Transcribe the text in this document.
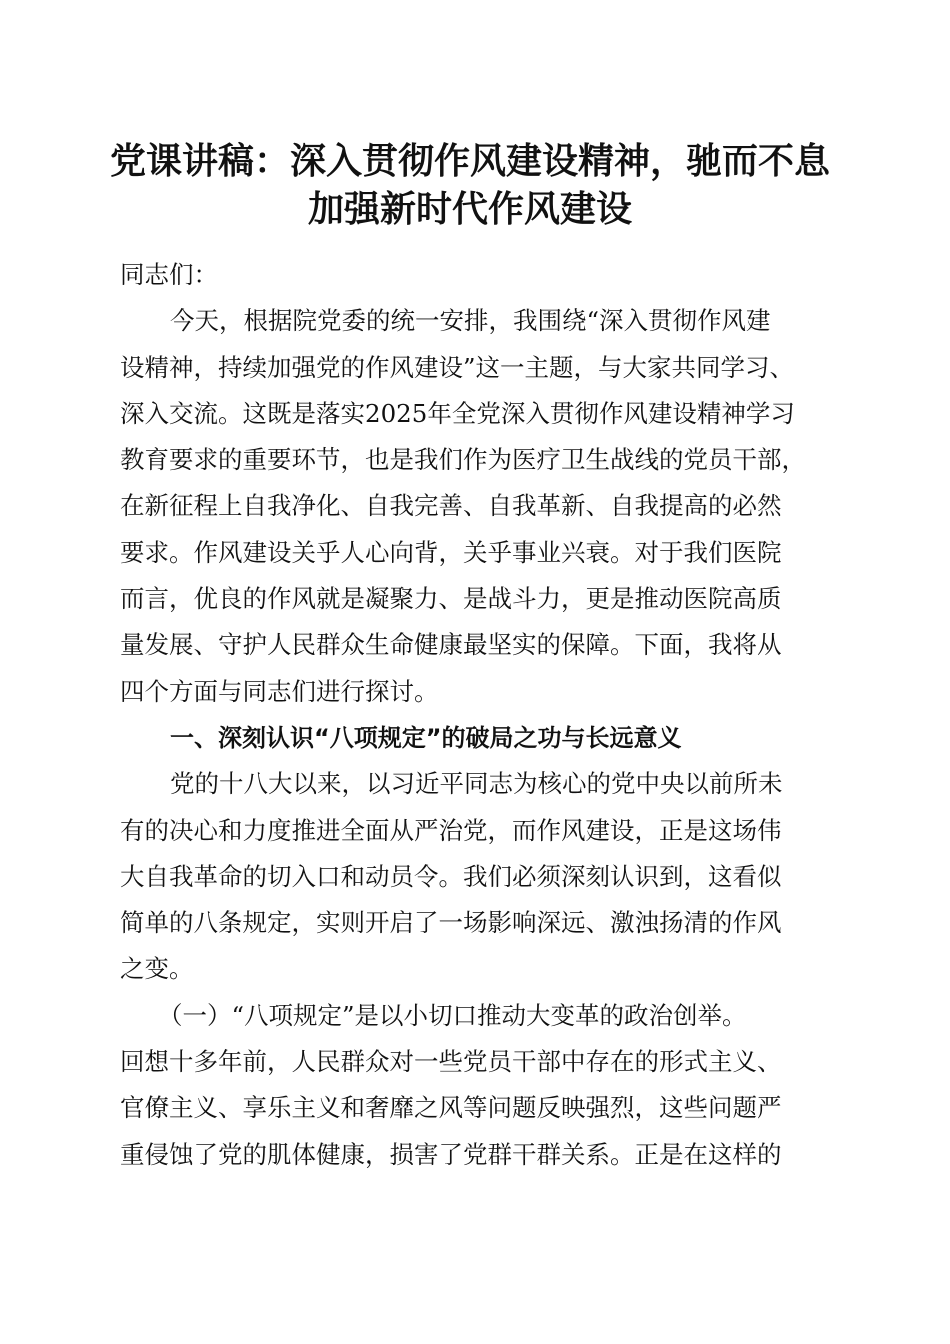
党课讲稿：深入贯彻作风建设精神，驰而不息
加强新时代作风建设
同志们：
今天，根据院党委的统一安排，我围绕“深入贯彻作风建
设精神，持续加强党的作风建设”这一主题，与大家共同学习、
深入交流。这既是落实2025年全党深入贯彻作风建设精神学习
教育要求的重要环节，也是我们作为医疗卫生战线的党员干部，
在新征程上自我净化、自我完善、自我革新、自我提高的必然
要求。作风建设关乎人心向背，关乎事业兴衰。对于我们医院
而言，优良的作风就是凝聚力、是战斗力，更是推动医院高质
量发展、守护人民群众生命健康最坚实的保障。下面，我将从
四个方面与同志们进行探讨。
一、深刻认识“八项规定”的破局之功与长远意义
党的十八大以来，以习近平同志为核心的党中央以前所未
有的决心和力度推进全面从严治党，而作风建设，正是这场伟
大自我革命的切入口和动员令。我们必须深刻认识到，这看似
简单的八条规定，实则开启了一场影响深远、激浊扬清的作风
之变。
（一）“八项规定”是以小切口推动大变革的政治创举。
回想十多年前，人民群众对一些党员干部中存在的形式主义、
官僚主义、享乐主义和奢靡之风等问题反映强烈，这些问题严
重侵蚀了党的肌体健康，损害了党群干群关系。正是在这样的
